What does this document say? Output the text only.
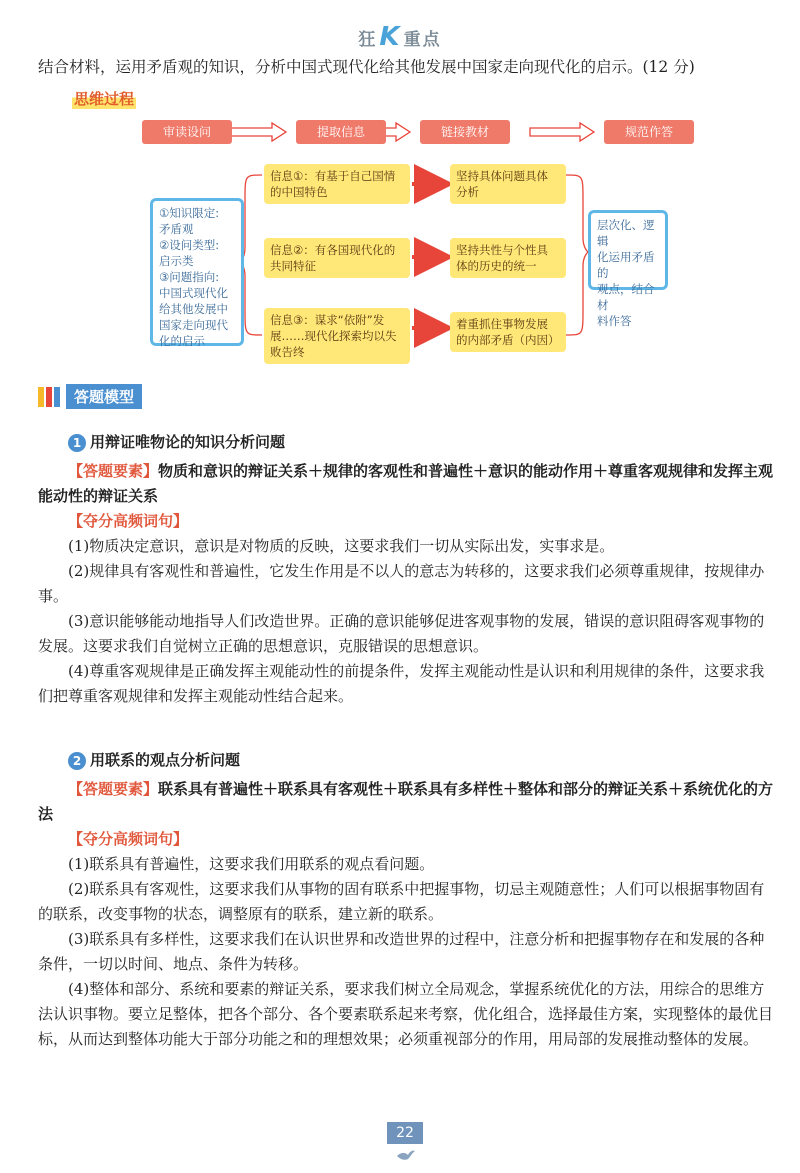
狂K 重点
结合材料，运用矛盾观的知识，分析中国式现代化给其他发展中国家走向现代化的启示。(12 分)
思维过程
审读设问	提取信息	链接教材	规范作答
①知识限定:
矛盾观
②设问类型:
启示类
③问题指向:
中国式现代化
给其他发展中
国家走向现代
化的启示
信息①：有基于自己国情
的中国特色
信息②：有各国现代化的
共同特征
信息③：谋求“依附”发
展……现代化探索均以失
败告终
坚持具体问题具体
分析
坚持共性与个性具
体的历史的统一
着重抓住事物发展
的内部矛盾（内因）
层次化、逻辑
化运用矛盾的
观点，结合材
料作答
答题模型
1 用辩证唯物论的知识分析问题

【答题要素】物质和意识的辩证关系＋规律的客观性和普遍性＋意识的能动作用＋尊重客观规律和发挥主观能动性的辩证关系

【夺分高频词句】

(1)物质决定意识，意识是对物质的反映，这要求我们一切从实际出发，实事求是。

(2)规律具有客观性和普遍性，它发生作用是不以人的意志为转移的，这要求我们必须尊重规律，按规律办事。

(3)意识能够能动地指导人们改造世界。正确的意识能够促进客观事物的发展，错误的意识阻碍客观事物的发展。这要求我们自觉树立正确的思想意识，克服错误的思想意识。

(4)尊重客观规律是正确发挥主观能动性的前提条件，发挥主观能动性是认识和利用规律的条件，这要求我们把尊重客观规律和发挥主观能动性结合起来。

2 用联系的观点分析问题

【答题要素】联系具有普遍性＋联系具有客观性＋联系具有多样性＋整体和部分的辩证关系＋系统优化的方法

【夺分高频词句】

(1)联系具有普遍性，这要求我们用联系的观点看问题。

(2)联系具有客观性，这要求我们从事物的固有联系中把握事物，切忌主观随意性；人们可以根据事物固有的联系，改变事物的状态，调整原有的联系，建立新的联系。

(3)联系具有多样性，这要求我们在认识世界和改造世界的过程中，注意分析和把握事物存在和发展的各种条件，一切以时间、地点、条件为转移。

(4)整体和部分、系统和要素的辩证关系，要求我们树立全局观念，掌握系统优化的方法，用综合的思维方法认识事物。要立足整体，把各个部分、各个要素联系起来考察，优化组合，选择最佳方案，实现整体的最优目标，从而达到整体功能大于部分功能之和的理想效果；必须重视部分的作用，用局部的发展推动整体的发展。

22
